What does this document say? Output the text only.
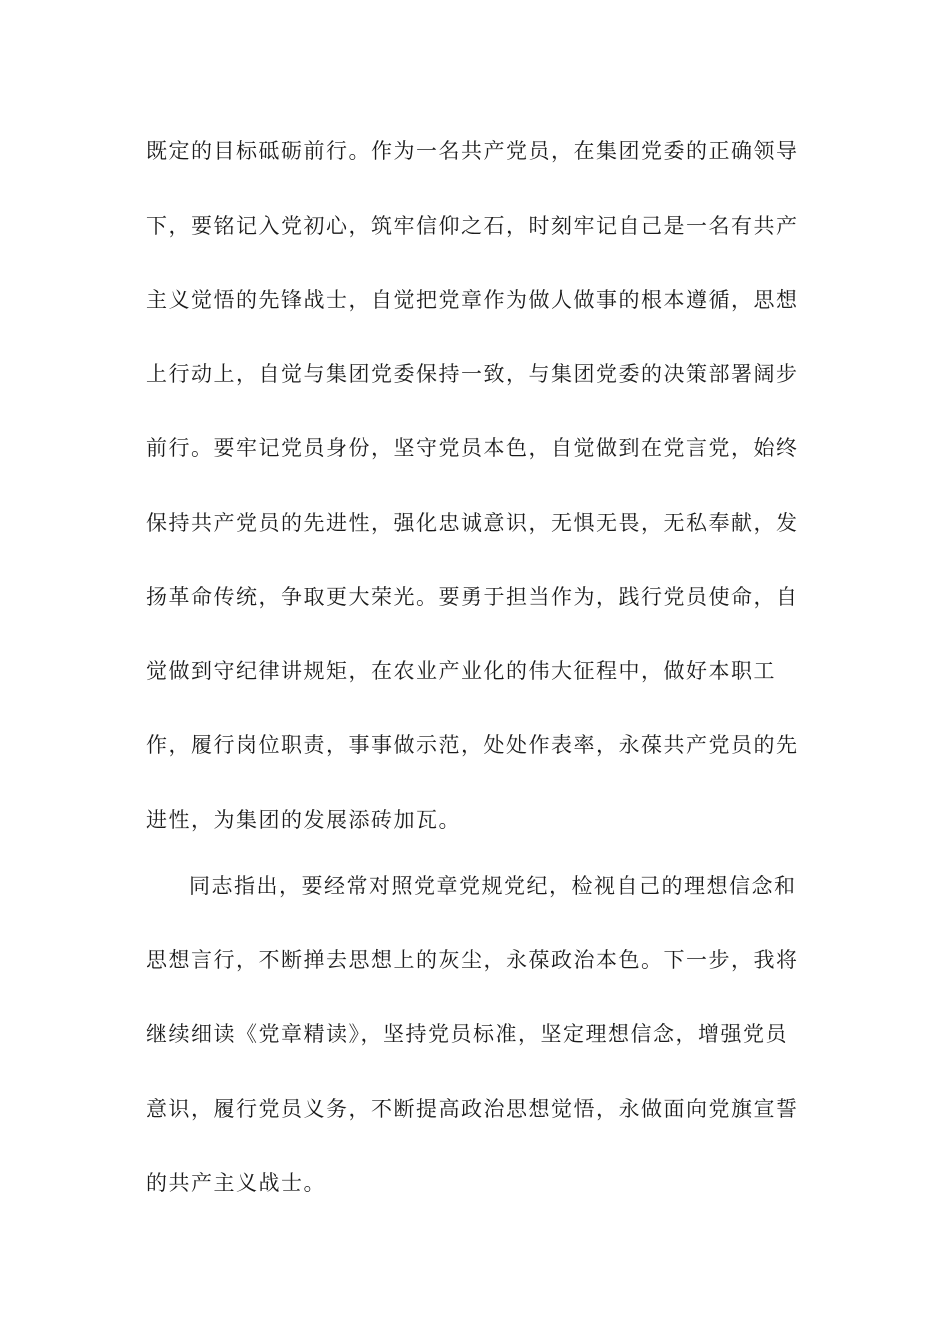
既定的目标砥砺前行。作为一名共产党员，在集团党委的正确领导
下，要铭记入党初心，筑牢信仰之石，时刻牢记自己是一名有共产
主义觉悟的先锋战士，自觉把党章作为做人做事的根本遵循，思想
上行动上，自觉与集团党委保持一致，与集团党委的决策部署阔步
前行。要牢记党员身份，坚守党员本色，自觉做到在党言党，始终
保持共产党员的先进性，强化忠诚意识，无惧无畏，无私奉献，发
扬革命传统，争取更大荣光。要勇于担当作为，践行党员使命，自
觉做到守纪律讲规矩，在农业产业化的伟大征程中，做好本职工
作，履行岗位职责，事事做示范，处处作表率，永葆共产党员的先
进性，为集团的发展添砖加瓦。
同志指出，要经常对照党章党规党纪，检视自己的理想信念和
思想言行，不断掸去思想上的灰尘，永葆政治本色。下一步，我将
继续细读《党章精读》，坚持党员标准，坚定理想信念，增强党员
意识，履行党员义务，不断提高政治思想觉悟，永做面向党旗宣誓
的共产主义战士。
